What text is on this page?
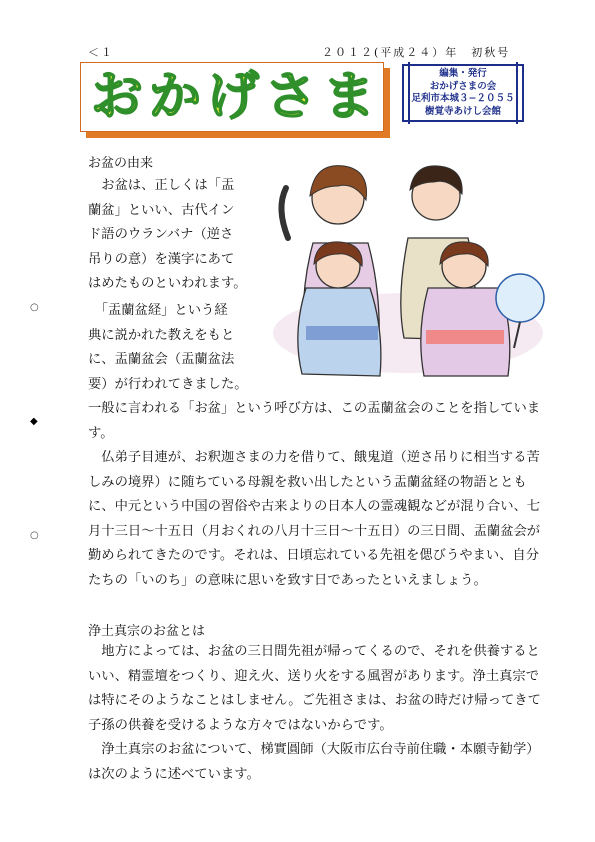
＜１	２０１２(平成２４）年　初秋号
おかげさま	編集・発行
おかげさまの会
足利市本城３−２０５５
樹覚寺あけし会館
○
◆
○
お盆の由来

　お盆は、正しくは「盂
蘭盆」といい、古代イン
ド語のウランバナ（逆さ
吊りの意）を漢字にあて
はめたものといわれます。

　「盂蘭盆経」という経
典に説かれた教えをもと
に、盂蘭盆会（盂蘭盆法
要）が行われてきました。

一般に言われる「お盆」という呼び方は、この盂蘭盆会のことを指しています。

　仏弟子目連が、お釈迦さまの力を借りて、餓鬼道（逆さ吊りに相当する苦しみの境界）に随ちている母親を救い出したという盂蘭盆経の物語とともに、中元という中国の習俗や古来よりの日本人の霊魂観などが混り合い、七月十三日〜十五日（月おくれの八月十三日〜十五日）の三日間、盂蘭盆会が勤められてきたのです。それは、日頃忘れている先祖を偲びうやまい、自分たちの「いのち」の意味に思いを致す日であったといえましょう。

浄土真宗のお盆とは

　地方によっては、お盆の三日間先祖が帰ってくるので、それを供養するといい、精霊壇をつくり、迎え火、送り火をする風習があります。浄土真宗では特にそのようなことはしません。ご先祖さまは、お盆の時だけ帰ってきて子孫の供養を受けるような方々ではないからです。

　浄土真宗のお盆について、梯實圓師（大阪市広台寺前住職・本願寺勧学）は次のように述べています。
